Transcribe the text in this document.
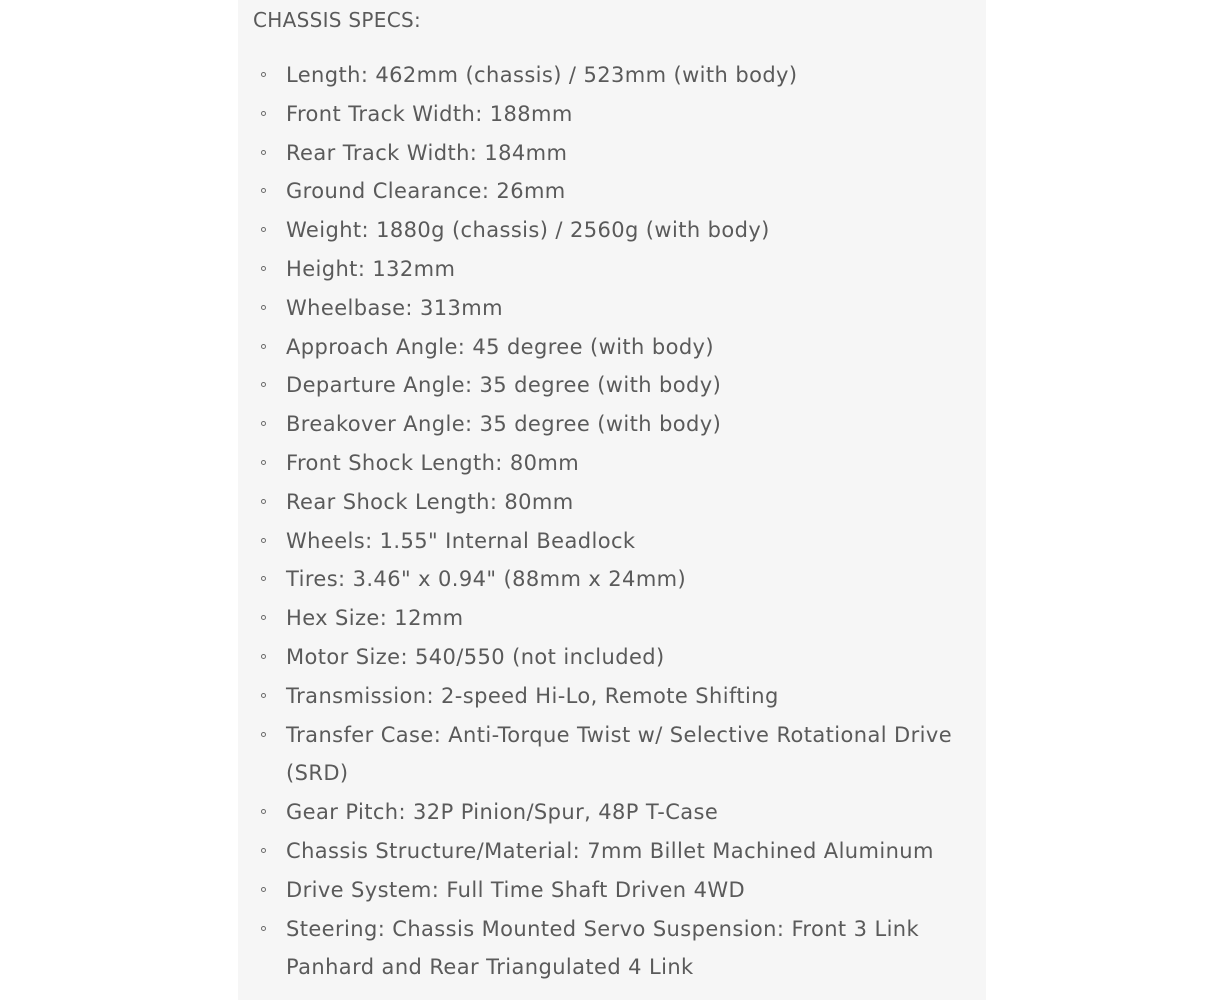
CHASSIS SPECS:
Length: 462mm (chassis) / 523mm (with body)
Front Track Width: 188mm
Rear Track Width: 184mm
Ground Clearance: 26mm
Weight: 1880g (chassis) / 2560g (with body)
Height: 132mm
Wheelbase: 313mm
Approach Angle: 45 degree (with body)
Departure Angle: 35 degree (with body)
Breakover Angle: 35 degree (with body)
Front Shock Length: 80mm
Rear Shock Length: 80mm
Wheels: 1.55" Internal Beadlock
Tires: 3.46" x 0.94" (88mm x 24mm)
Hex Size: 12mm
Motor Size: 540/550 (not included)
Transmission: 2-speed Hi-Lo, Remote Shifting
Transfer Case: Anti-Torque Twist w/ Selective Rotational Drive (SRD)
Gear Pitch: 32P Pinion/Spur, 48P T-Case
Chassis Structure/Material: 7mm Billet Machined Aluminum
Drive System: Full Time Shaft Driven 4WD
Steering: Chassis Mounted Servo Suspension: Front 3 Link Panhard and Rear Triangulated 4 Link
